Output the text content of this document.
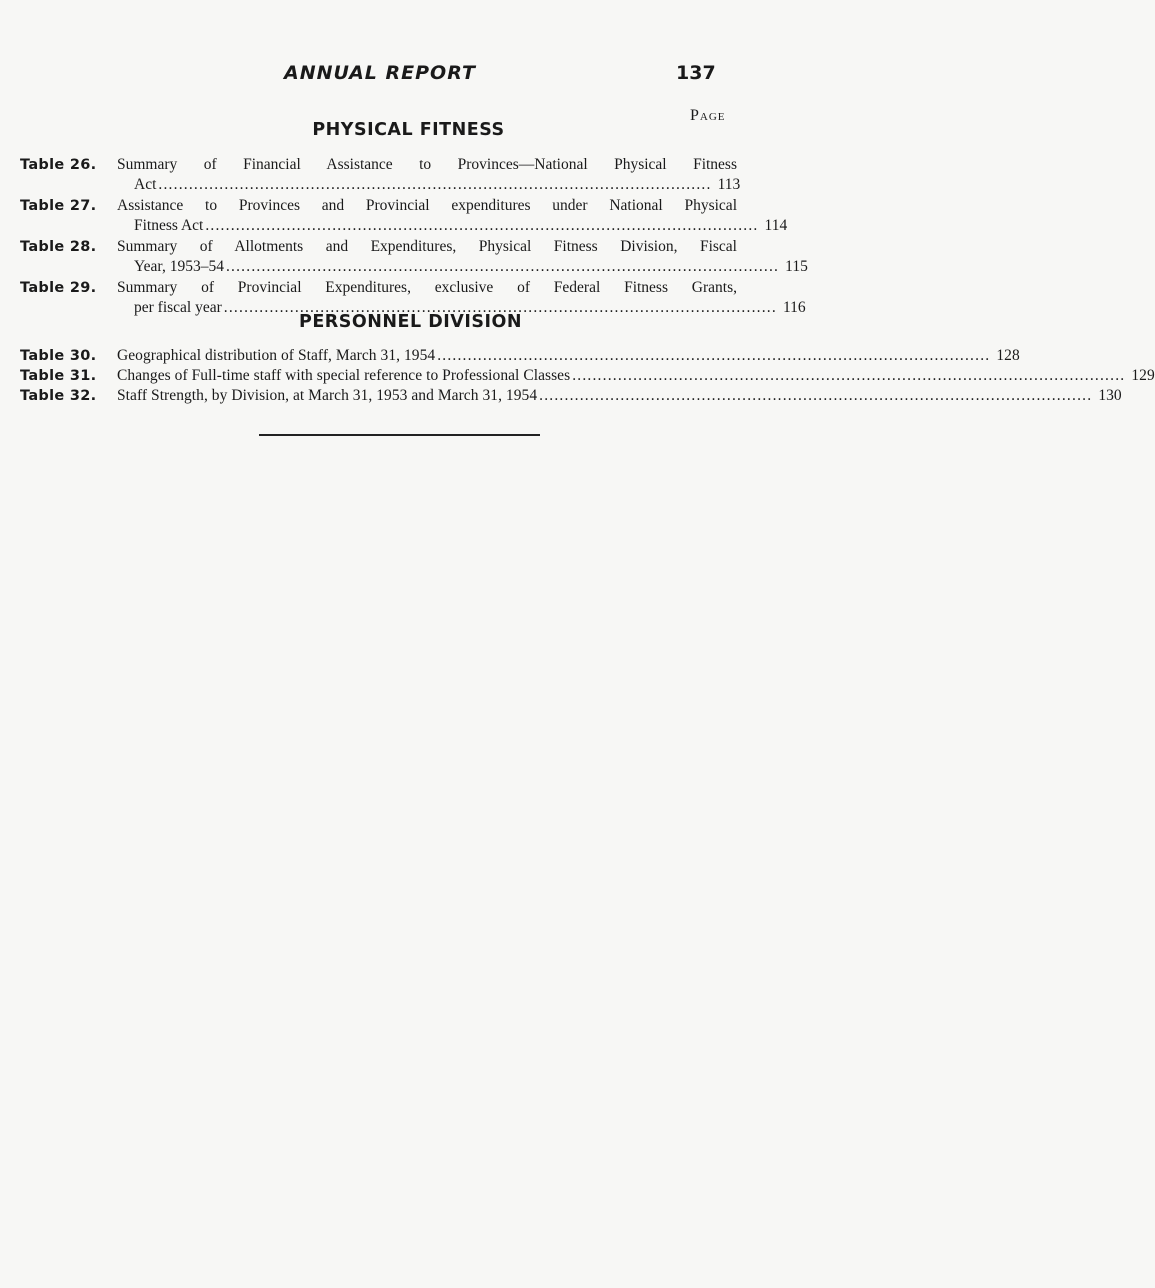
ANNUAL REPORT	137
Page
PHYSICAL FITNESS
Table 26. Summary of Financial Assistance to Provinces—National Physical Fitness
Act ............................................................................................................. 113
Table 27. Assistance to Provinces and Provincial expenditures under National Physical
Fitness Act ............................................................................................................. 114
Table 28. Summary of Allotments and Expenditures, Physical Fitness Division, Fiscal
Year, 1953–54 ............................................................................................................. 115
Table 29. Summary of Provincial Expenditures, exclusive of Federal Fitness Grants,
per fiscal year ............................................................................................................. 116
PERSONNEL DIVISION
Table 30. Geographical distribution of Staff, March 31, 1954 ............................................................................................................. 128
Table 31. Changes of Full-time staff with special reference to Professional Classes ............................................................................................................. 129
Table 32. Staff Strength, by Division, at March 31, 1953 and March 31, 1954 ............................................................................................................. 130
